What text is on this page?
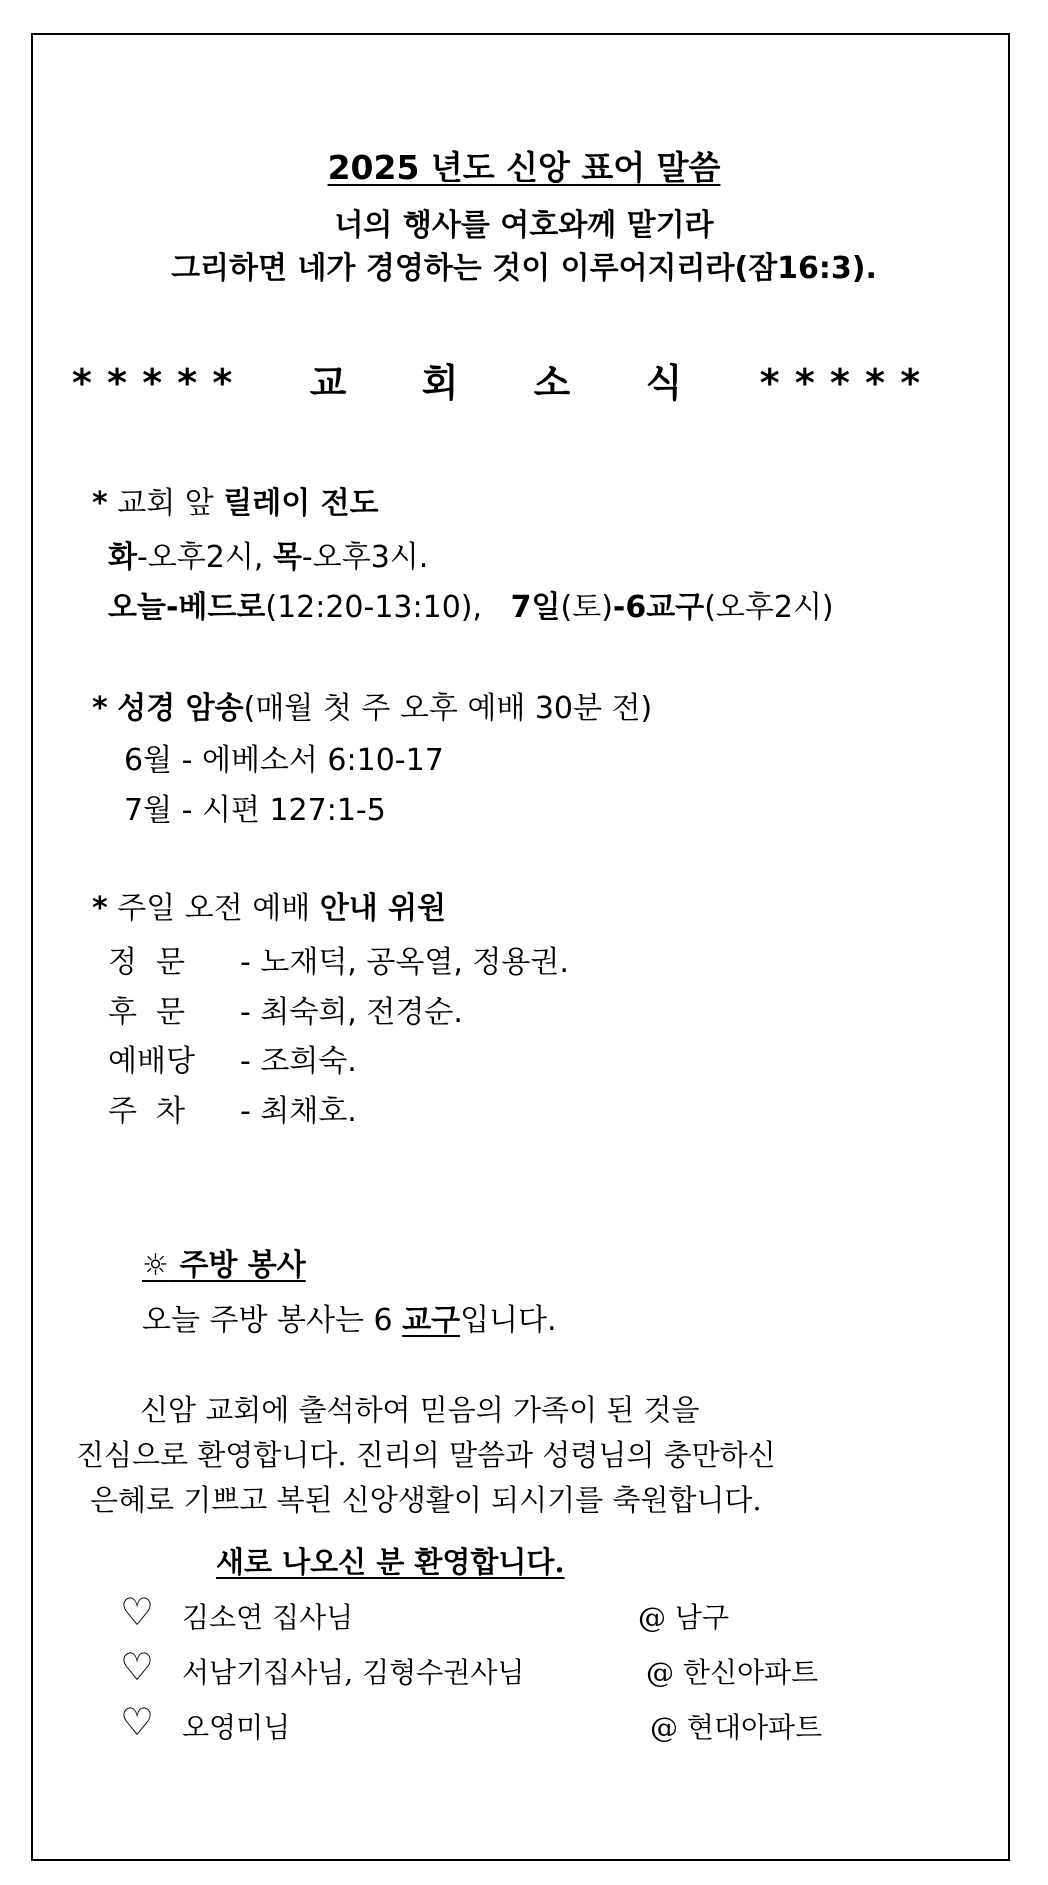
2025 년도 신앙 표어 말씀
너의 행사를 여호와께 맡기라
그리하면 네가 경영하는 것이 이루어지리라(잠16:3).
* * * * * 교 회 소 식 * * * * *
* 교회 앞 릴레이 전도
화-오후2시, 목-오후3시.
오늘-베드로(12:20-13:10), 7일(토)-6교구(오후2시)
* 성경 암송(매월 첫 주 오후 예배 30분 전)
6월 - 에베소서 6:10-17
7월 - 시편 127:1-5
* 주일 오전 예배 안내 위원
정  문 - 노재덕, 공옥열, 정용권.
후  문 - 최숙희, 전경순.
예배당 - 조희숙.
주  차 - 최채호.
☼ 주방 봉사
오늘 주방 봉사는 6 교구입니다.
신암 교회에 출석하여 믿음의 가족이 된 것을
진심으로 환영합니다. 진리의 말씀과 성령님의 충만하신
은혜로 기쁘고 복된 신앙생활이 되시기를 축원합니다.
새로 나오신 분 환영합니다.
♡ 김소연 집사님	@ 남구
♡ 서남기집사님, 김형수권사님	@ 한신아파트
♡ 오영미님	@ 현대아파트
